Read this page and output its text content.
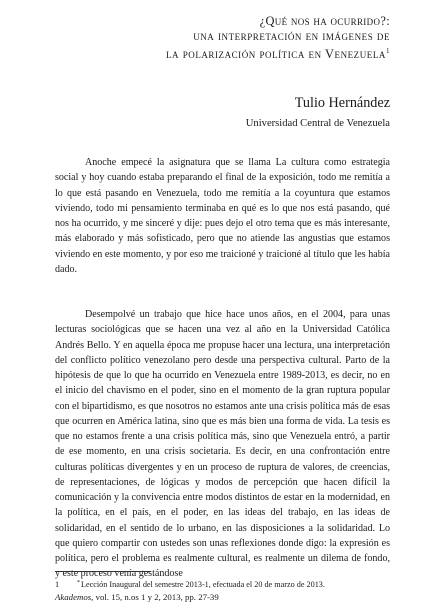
¿Qué nos ha ocurrido?:
una interpretación en imágenes de
la polarización política en Venezuela$^1$
Tulio Hernández
Universidad Central de Venezuela

Anoche empecé la asignatura que se llama La cultura como estrategia social y hoy cuando estaba preparando el final de la exposición, todo me remitía a lo que está pasando en Venezuela, todo me remitía a la coyuntura que estamos viviendo, todo mi pensamiento terminaba en qué es lo que nos está pasando, qué nos ha ocurrido, y me sinceré y dije: pues dejo el otro tema que es más interesante, más elaborado y más sofisticado, pero que no atiende las angustias que estamos viviendo en este momento, y por eso me traicioné y traicioné al título que les había dado.

Desempolvé un trabajo que hice hace unos años, en el 2004, para unas lecturas sociológicas que se hacen una vez al año en la Universidad Católica Andrés Bello. Y en aquella época me propuse hacer una lectura, una interpretación del conflicto político venezolano pero desde una perspectiva cultural. Parto de la hipótesis de que lo que ha ocurrido en Venezuela entre 1989-2013, es decir, no en el inicio del chavismo en el poder, sino en el momento de la gran ruptura popular con el bipartidismo, es que nosotros no estamos ante una crisis política más de esas que ocurren en América latina, sino que es más bien una forma de vida. La tesis es que no estamos frente a una crisis política más, sino que Venezuela entró, a partir de ese momento, en una crisis societaria. Es decir, en una confrontación entre culturas políticas divergentes y en un proceso de ruptura de valores, de creencias, de representaciones, de lógicas y modos de percepción que hacen difícil la comunicación y la convivencia entre modos distintos de estar en la modernidad, en la política, en el país, en el poder, en las ideas del trabajo, en las ideas de solidaridad, en el sentido de lo urbano, en las disposiciones a la solidaridad. Lo que quiero compartir con ustedes son unas reflexiones donde digo: la expresión es política, pero el problema es realmente cultural, es realmente un dilema de fondo, y este proceso venía gestándose

1	*Lección Inaugural del semestre 2013-1, efectuada el 20 de marzo de 2013.
Akademos, vol. 15, n.os 1 y 2, 2013, pp. 27-39
